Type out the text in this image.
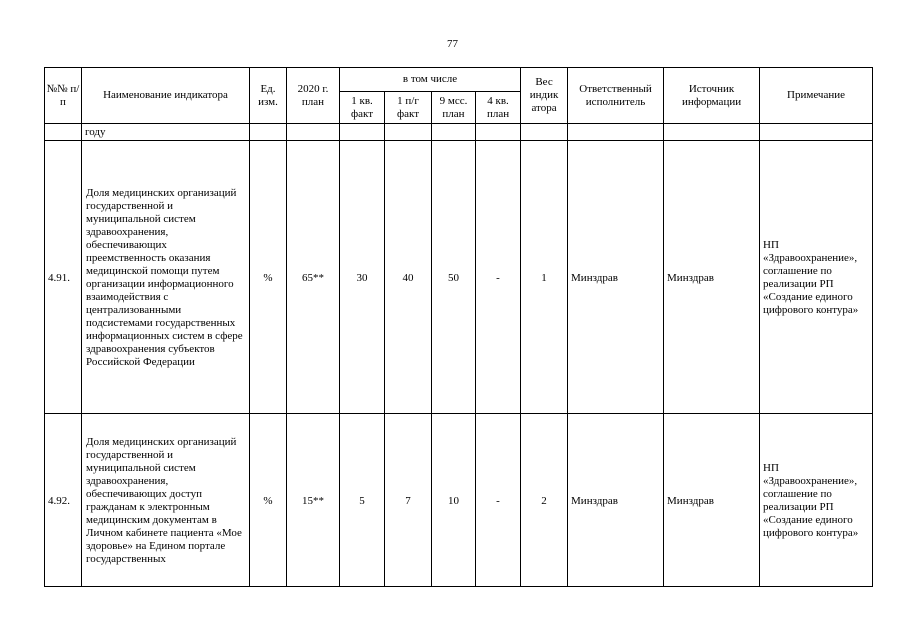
77
№№ п/п	Наименование индикатора	Ед. изм.	2020 г. план	в том числе				Вес индик атора	Ответственный исполнитель	Источник информации	Примечание
				1 кв. факт	1 п/г факт	9 мсс. план	4 кв. план				
	году										
4.91.	Доля медицинских организаций государственной и муниципальной систем здравоохранения, обеспечивающих преемственность оказания медицинской помощи путем организации информационного взаимодействия с централизованными подсистемами государственных информационных систем в сфере здравоохранения субъектов Российской Федерации	%	65**	30	40	50	-	1	Минздрав	Минздрав	НП «Здравоохранение», соглашение по реализации РП «Создание единого цифрового контура»
4.92.	Доля медицинских организаций государственной и муниципальной систем здравоохранения, обеспечивающих доступ гражданам к электронным медицинским документам в Личном кабинете пациента «Мое здоровье» на Едином портале государственных	%	15**	5	7	10	-	2	Минздрав	Минздрав	НП «Здравоохранение», соглашение по реализации РП «Создание единого цифрового контура»
